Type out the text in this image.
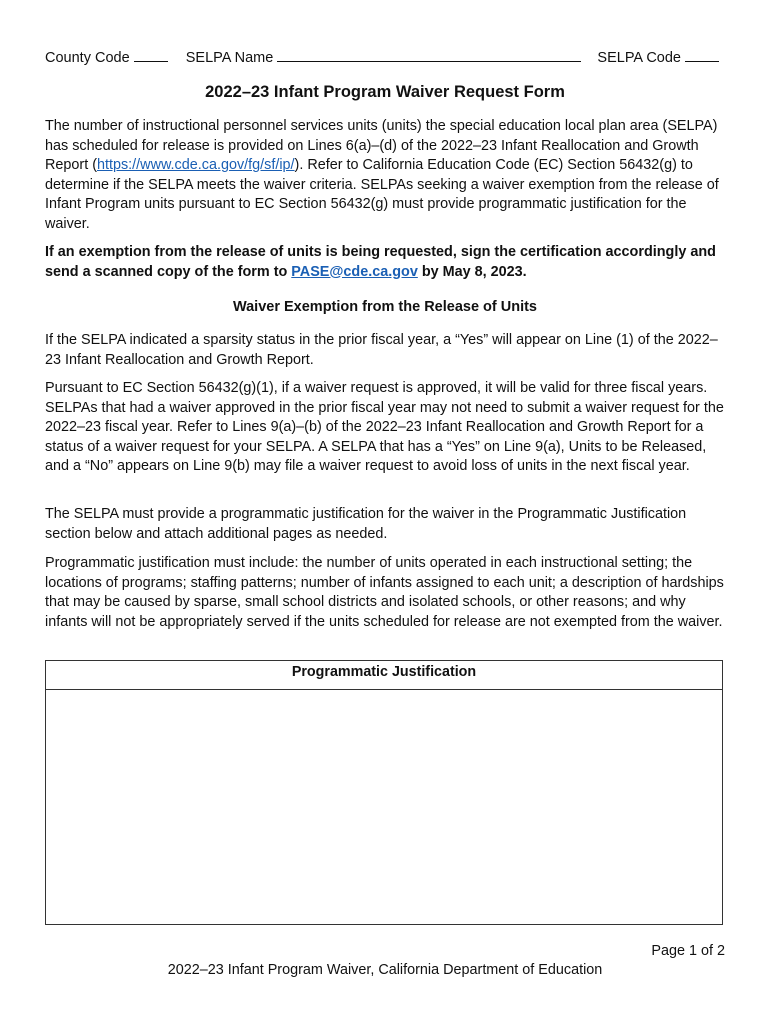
County Code	SELPA Name	SELPA Code
2022–23 Infant Program Waiver Request Form

The number of instructional personnel services units (units) the special education local plan area (SELPA) has scheduled for release is provided on Lines 6(a)–(d) of the 2022–23 Infant Reallocation and Growth Report (https://www.cde.ca.gov/fg/sf/ip/). Refer to California Education Code (EC) Section 56432(g) to determine if the SELPA meets the waiver criteria. SELPAs seeking a waiver exemption from the release of Infant Program units pursuant to EC Section 56432(g) must provide programmatic justification for the waiver.

If an exemption from the release of units is being requested, sign the certification accordingly and send a scanned copy of the form to PASE@cde.ca.gov by May 8, 2023.

Waiver Exemption from the Release of Units

If the SELPA indicated a sparsity status in the prior fiscal year, a “Yes” will appear on Line (1) of the 2022–23 Infant Reallocation and Growth Report.

Pursuant to EC Section 56432(g)(1), if a waiver request is approved, it will be valid for three fiscal years. SELPAs that had a waiver approved in the prior fiscal year may not need to submit a waiver request for the 2022–23 fiscal year. Refer to Lines 9(a)–(b) of the 2022–23 Infant Reallocation and Growth Report for a status of a waiver request for your SELPA. A SELPA that has a “Yes” on Line 9(a), Units to be Released, and a “No” appears on Line 9(b) may file a waiver request to avoid loss of units in the next fiscal year.

The SELPA must provide a programmatic justification for the waiver in the Programmatic Justification section below and attach additional pages as needed.

Programmatic justification must include: the number of units operated in each instructional setting; the locations of programs; staffing patterns; number of infants assigned to each unit; a description of hardships that may be caused by sparse, small school districts and isolated schools, or other reasons; and why infants will not be appropriately served if the units scheduled for release are not exempted from the waiver.

Programmatic Justification
Page 1 of 2
2022–23 Infant Program Waiver, California Department of Education
